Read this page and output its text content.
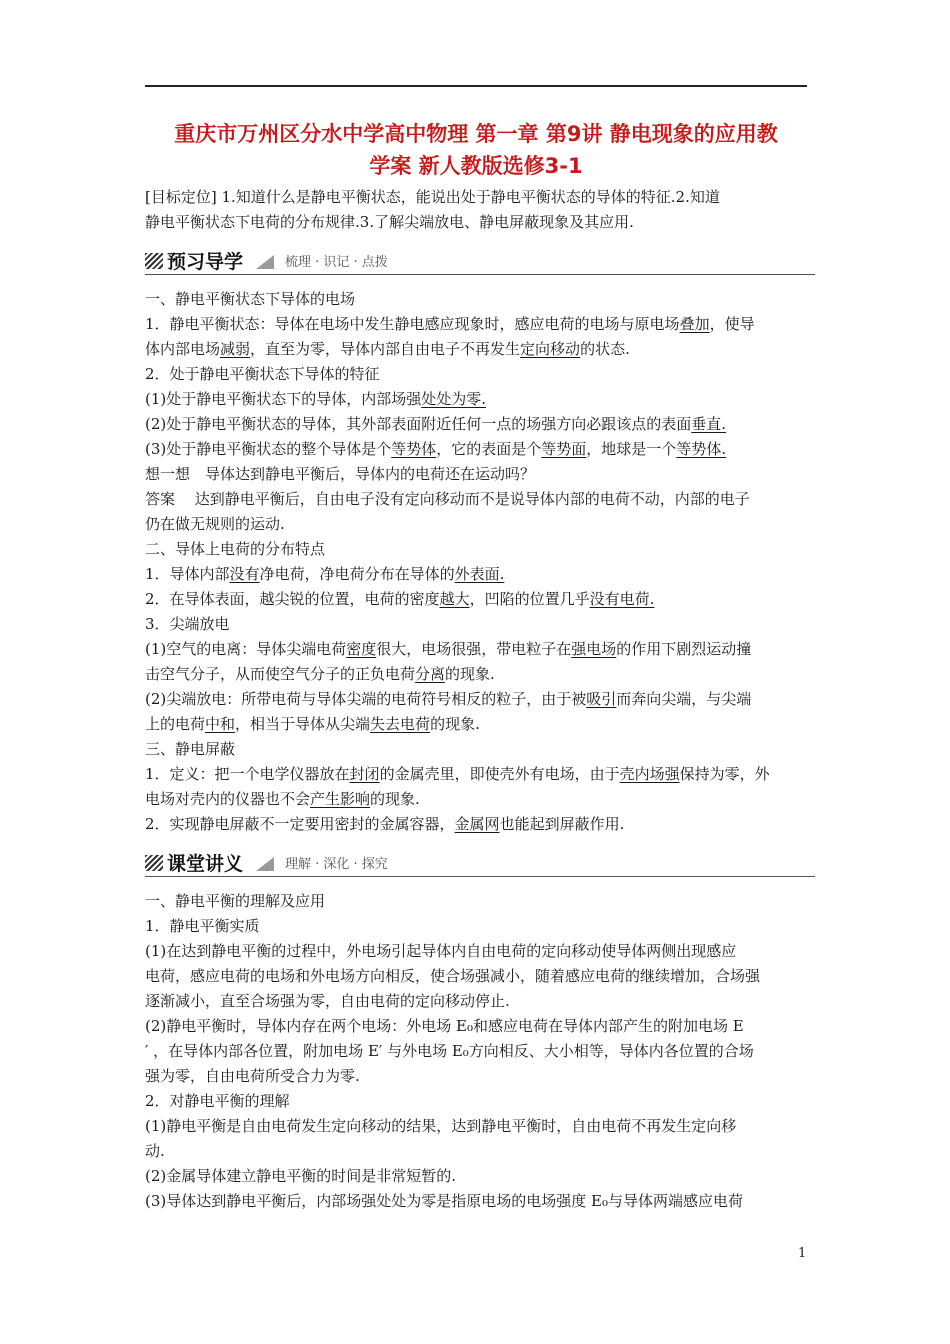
重庆市万州区分水中学高中物理 第一章 第9讲 静电现象的应用教
学案 新人教版选修3-1

[目标定位] 1.知道什么是静电平衡状态，能说出处于静电平衡状态的导体的特征.2.知道

静电平衡状态下电荷的分布规律.3.了解尖端放电、静电屏蔽现象及其应用.

预习导学	梳理 · 识记 · 点拨

一、静电平衡状态下导体的电场

1．静电平衡状态：导体在电场中发生静电感应现象时，感应电荷的电场与原电场叠加，使导

体内部电场减弱，直至为零，导体内部自由电子不再发生定向移动的状态.

2．处于静电平衡状态下导体的特征

(1)处于静电平衡状态下的导体，内部场强处处为零.

(2)处于静电平衡状态的导体，其外部表面附近任何一点的场强方向必跟该点的表面垂直.

(3)处于静电平衡状态的整个导体是个等势体，它的表面是个等势面，地球是一个等势体.

想一想　导体达到静电平衡后，导体内的电荷还在运动吗？

答案　 达到静电平衡后，自由电子没有定向移动而不是说导体内部的电荷不动，内部的电子

仍在做无规则的运动.

二、导体上电荷的分布特点

1．导体内部没有净电荷，净电荷分布在导体的外表面.

2．在导体表面，越尖锐的位置，电荷的密度越大，凹陷的位置几乎没有电荷.

3．尖端放电

(1)空气的电离：导体尖端电荷密度很大，电场很强，带电粒子在强电场的作用下剧烈运动撞

击空气分子，从而使空气分子的正负电荷分离的现象.

(2)尖端放电：所带电荷与导体尖端的电荷符号相反的粒子，由于被吸引而奔向尖端，与尖端

上的电荷中和，相当于导体从尖端失去电荷的现象.

三、静电屏蔽

1．定义：把一个电学仪器放在封闭的金属壳里，即使壳外有电场，由于壳内场强保持为零，外

电场对壳内的仪器也不会产生影响的现象.

2．实现静电屏蔽不一定要用密封的金属容器，金属网也能起到屏蔽作用.

课堂讲义	理解 · 深化 · 探究

一、静电平衡的理解及应用

1．静电平衡实质

(1)在达到静电平衡的过程中，外电场引起导体内自由电荷的定向移动使导体两侧出现感应

电荷，感应电荷的电场和外电场方向相反，使合场强减小，随着感应电荷的继续增加，合场强

逐渐减小，直至合场强为零，自由电荷的定向移动停止.

(2)静电平衡时，导体内存在两个电场：外电场 E₀和感应电荷在导体内部产生的附加电场 E

′ ，在导体内部各位置，附加电场 E′ 与外电场 E₀方向相反、大小相等，导体内各位置的合场

强为零，自由电荷所受合力为零.

2．对静电平衡的理解

(1)静电平衡是自由电荷发生定向移动的结果，达到静电平衡时，自由电荷不再发生定向移

动.

(2)金属导体建立静电平衡的时间是非常短暂的.

(3)导体达到静电平衡后，内部场强处处为零是指原电场的电场强度 E₀与导体两端感应电荷

1
